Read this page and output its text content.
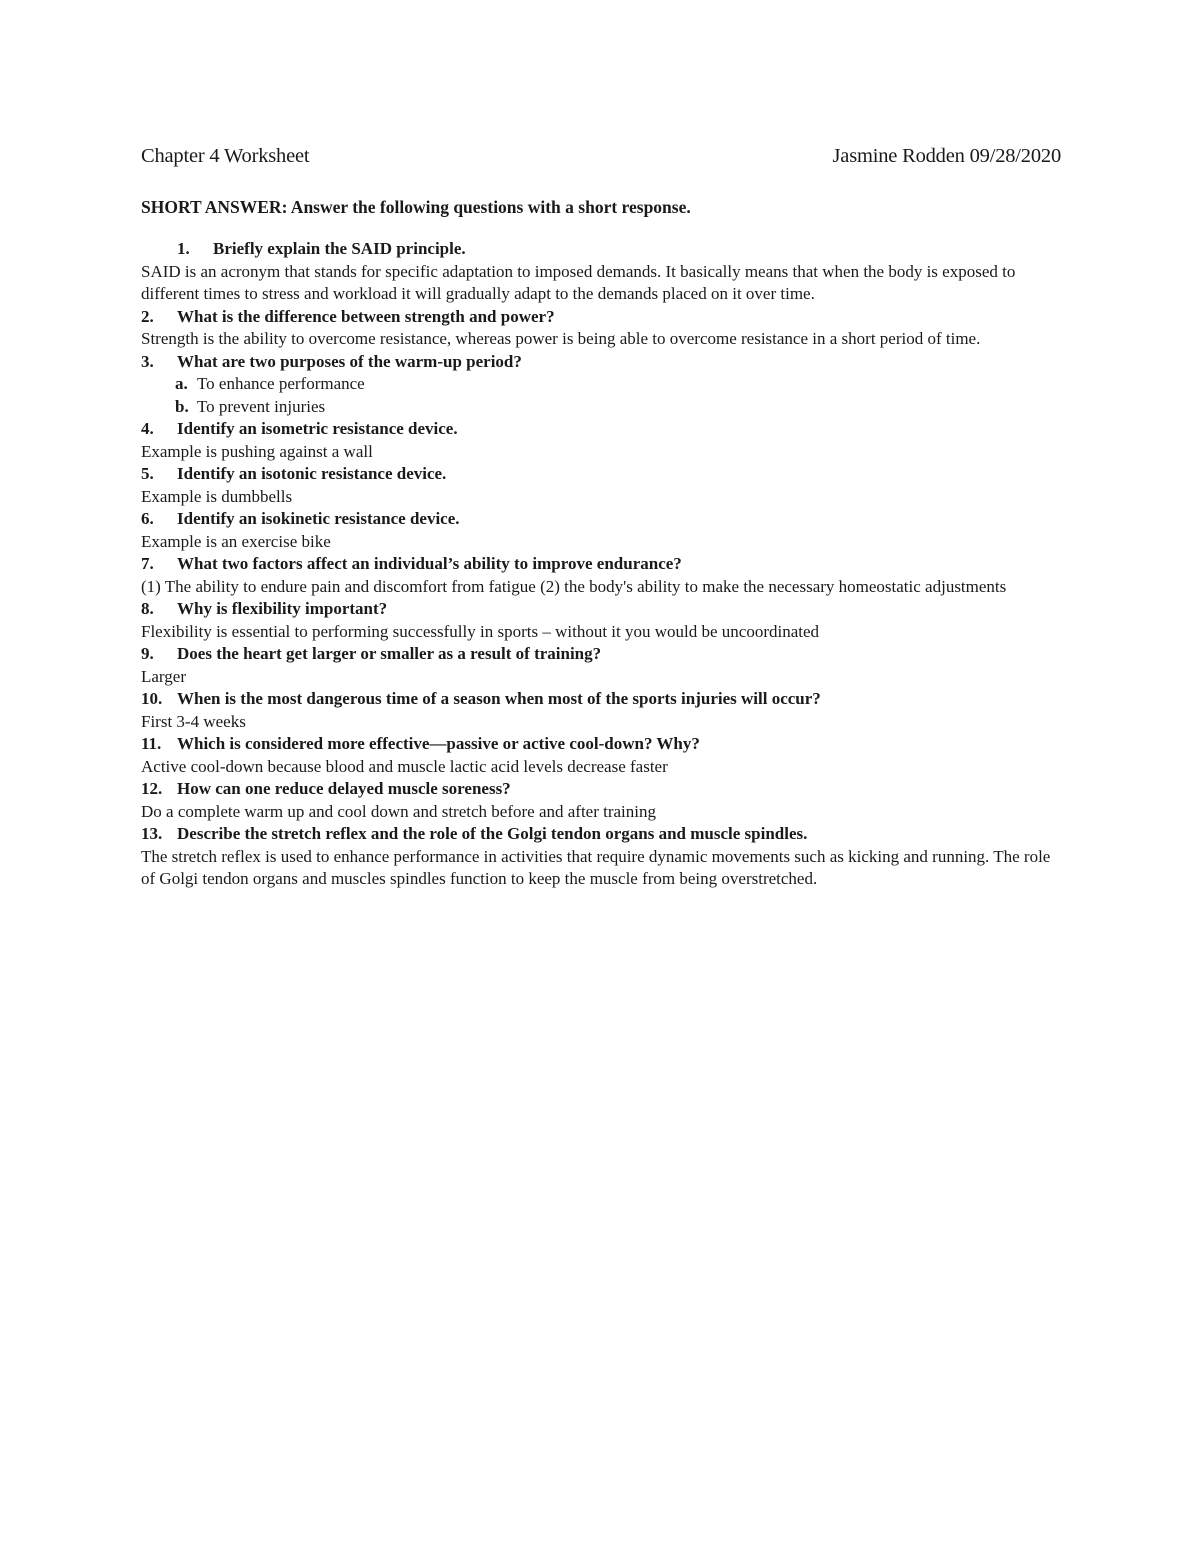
Chapter 4 Worksheet	Jasmine Rodden 09/28/2020
SHORT ANSWER: Answer the following questions with a short response.
1.	Briefly explain the SAID principle.
SAID is an acronym that stands for specific adaptation to imposed demands. It basically means that when the body is exposed to different times to stress and workload it will gradually adapt to the demands placed on it over time.
2.	What is the difference between strength and power?
Strength is the ability to overcome resistance, whereas power is being able to overcome resistance in a short period of time.
3.	What are two purposes of the warm-up period?
a. To enhance performance
b. To prevent injuries
4.	Identify an isometric resistance device.
Example is pushing against a wall
5.	Identify an isotonic resistance device.
Example is dumbbells
6.	Identify an isokinetic resistance device.
Example is an exercise bike
7.	What two factors affect an individual’s ability to improve endurance?
(1) The ability to endure pain and discomfort from fatigue (2) the body's ability to make the necessary homeostatic adjustments
8.	Why is flexibility important?
Flexibility is essential to performing successfully in sports – without it you would be uncoordinated
9.	Does the heart get larger or smaller as a result of training?
Larger
10. When is the most dangerous time of a season when most of the sports injuries will occur?
First 3-4 weeks
11. Which is considered more effective—passive or active cool-down? Why?
Active cool-down because blood and muscle lactic acid levels decrease faster
12. How can one reduce delayed muscle soreness?
Do a complete warm up and cool down and stretch before and after training
13. Describe the stretch reflex and the role of the Golgi tendon organs and muscle spindles.
The stretch reflex is used to enhance performance in activities that require dynamic movements such as kicking and running. The role of Golgi tendon organs and muscles spindles function to keep the muscle from being overstretched.
